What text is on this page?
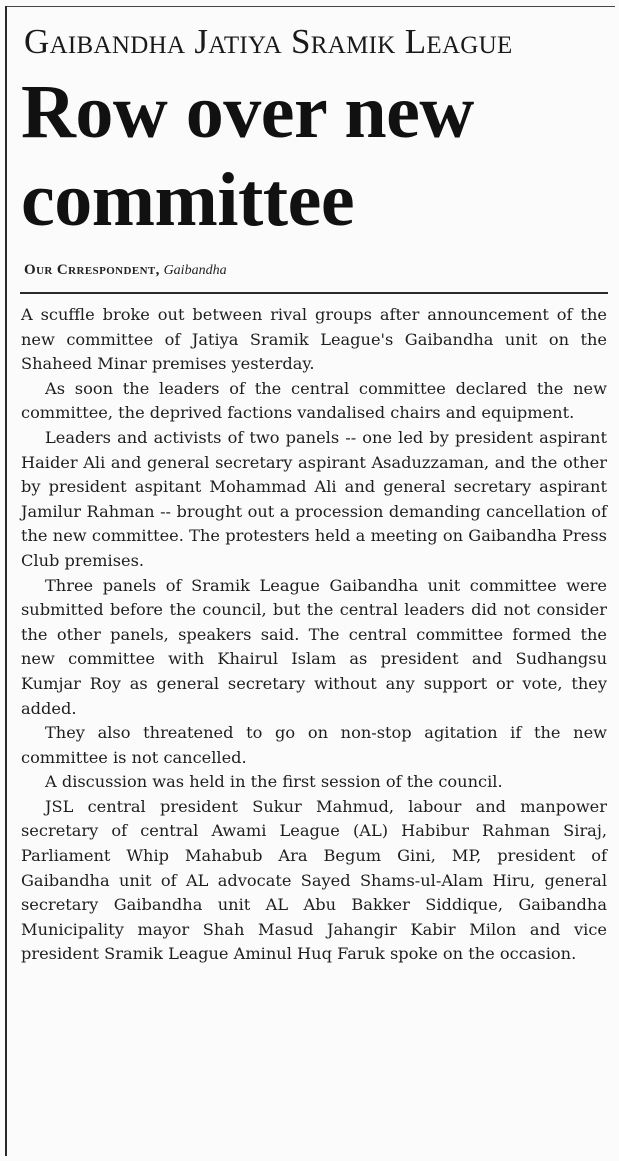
Gaibandha Jatiya Sramik League
Row over new committee
Our Crrespondent, Gaibandha

A scuffle broke out between rival groups after announcement of the new committee of Jatiya Sramik League's Gaibandha unit on the Shaheed Minar premises yesterday.

As soon the leaders of the central committee declared the new committee, the deprived factions vandalised chairs and equipment.

Leaders and activists of two panels -- one led by president aspirant Haider Ali and general secretary aspirant Asaduzzaman, and the other by president aspitant Mohammad Ali and general secretary aspirant Jamilur Rahman -- brought out a procession demanding cancellation of the new committee. The protesters held a meeting on Gaibandha Press Club premises.

Three panels of Sramik League Gaibandha unit committee were submitted before the council, but the central leaders did not consider the other panels, speakers said. The central committee formed the new committee with Khairul Islam as president and Sudhangsu Kumjar Roy as general secretary without any support or vote, they added.

They also threatened to go on non-stop agitation if the new committee is not cancelled.

A discussion was held in the first session of the council.

JSL central president Sukur Mahmud, labour and manpower secretary of central Awami League (AL) Habibur Rahman Siraj, Parliament Whip Mahabub Ara Begum Gini, MP, president of Gaibandha unit of AL advocate Sayed Shams-ul-Alam Hiru, general secretary Gaibandha unit AL Abu Bakker Siddique, Gaibandha Municipality mayor Shah Masud Jahangir Kabir Milon and vice president Sramik League Aminul Huq Faruk spoke on the occasion.
